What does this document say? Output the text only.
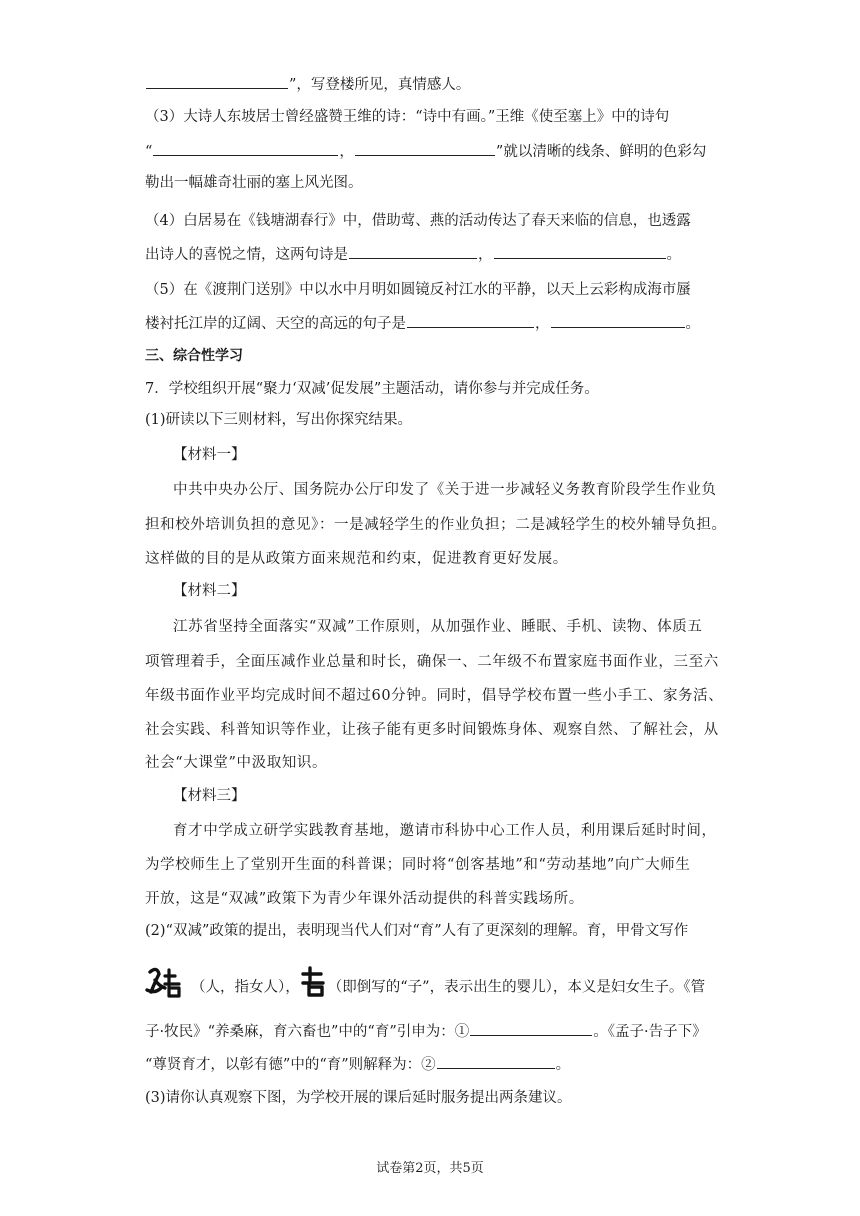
”，写登楼所见，真情感人。
（3）大诗人东坡居士曾经盛赞王维的诗：“诗中有画。”王维《使至塞上》中的诗句
“	，	”就以清晰的线条、鲜明的色彩勾
勒出一幅雄奇壮丽的塞上风光图。
（4）白居易在《钱塘湖春行》中，借助莺、燕的活动传达了春天来临的信息，也透露
出诗人的喜悦之情，这两句诗是	，	。
（5）在《渡荆门送别》中以水中月明如圆镜反衬江水的平静，以天上云彩构成海市蜃
楼衬托江岸的辽阔、天空的高远的句子是	，	。
三、综合性学习
7．学校组织开展“聚力‘双减’促发展”主题活动，请你参与并完成任务。
(1)研读以下三则材料，写出你探究结果。
【材料一】
中共中央办公厅、国务院办公厅印发了《关于进一步减轻义务教育阶段学生作业负
担和校外培训负担的意见》：一是减轻学生的作业负担；二是减轻学生的校外辅导负担。
这样做的目的是从政策方面来规范和约束，促进教育更好发展。
【材料二】
江苏省坚持全面落实“双减”工作原则，从加强作业、睡眠、手机、读物、体质五
项管理着手，全面压减作业总量和时长，确保一、二年级不布置家庭书面作业，三至六
年级书面作业平均完成时间不超过60分钟。同时，倡导学校布置一些小手工、家务活、
社会实践、科普知识等作业，让孩子能有更多时间锻炼身体、观察自然、了解社会，从
社会“大课堂”中汲取知识。
【材料三】
育才中学成立研学实践教育基地，邀请市科协中心工作人员，利用课后延时时间，
为学校师生上了堂别开生面的科普课；同时将“创客基地”和“劳动基地”向广大师生
开放，这是“双减”政策下为青少年课外活动提供的科普实践场所。
(2)“双减”政策的提出，表明现当代人们对“育”人有了更深刻的理解。育，甲骨文写作
（人，指女人）， （即倒写的“子”，表示出生的婴儿），本义是妇女生子。《管
子·牧民》“养桑麻，育六畜也”中的“育”引申为：①	。《孟子·告子下》
“尊贤育才，以彰有德”中的“育”则解释为：②	。
(3)请你认真观察下图，为学校开展的课后延时服务提出两条建议。
试卷第2页，共5页
